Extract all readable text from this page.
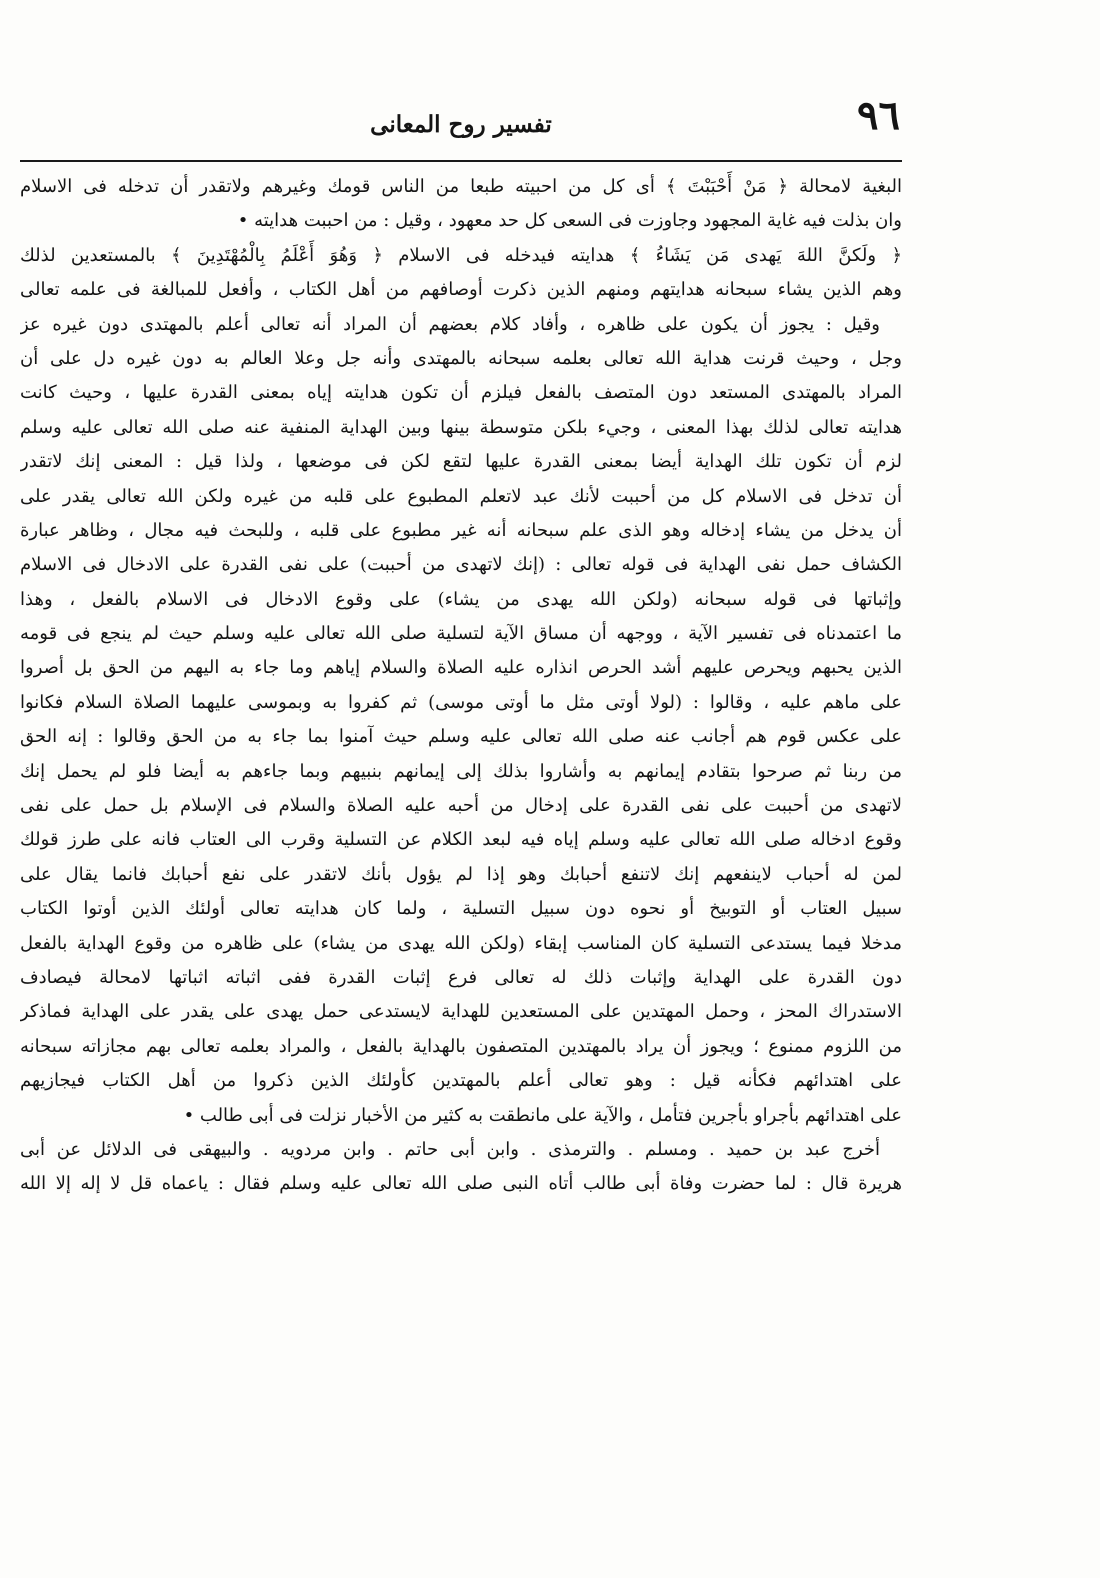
٩٦
تفسير روح المعانى
البغية لامحالة ﴿ مَنْ أَحْبَبْتَ ﴾ أى كل من احبيته طبعا من الناس قومك وغيرهم ولاتقدر أن تدخله فى الاسلام
وان بذلت فيه غاية المجهود وجاوزت فى السعى كل حد معهود ، وقيل : من احببت هدايته •
﴿ ولَكنَّ اللهَ يَهدى مَن يَشَاءُ ﴾ هدايته فيدخله فى الاسلام ﴿ وَهُوَ أَعْلَمُ بِالْمُهْتَدِينَ ﴾ بالمستعدين لذلك
وهم الذين يشاء سبحانه هدايتهم ومنهم الذين ذكرت أوصافهم من أهل الكتاب ، وأفعل للمبالغة فى علمه تعالى
وقيل : يجوز أن يكون على ظاهره ، وأفاد كلام بعضهم أن المراد أنه تعالى أعلم بالمهتدى دون غيره عز
وجل ، وحيث قرنت هداية الله تعالى بعلمه سبحانه بالمهتدى وأنه جل وعلا العالم به دون غيره دل على أن
المراد بالمهتدى المستعد دون المتصف بالفعل فيلزم أن تكون هدايته إياه بمعنى القدرة عليها ، وحيث كانت
هدايته تعالى لذلك بهذا المعنى ، وجيء بلكن متوسطة بينها وبين الهداية المنفية عنه صلى الله تعالى عليه وسلم
لزم أن تكون تلك الهداية أيضا بمعنى القدرة عليها لتقع لكن فى موضعها ، ولذا قيل : المعنى إنك لاتقدر
أن تدخل فى الاسلام كل من أحببت لأنك عبد لاتعلم المطبوع على قلبه من غيره ولكن الله تعالى يقدر على
أن يدخل من يشاء إدخاله وهو الذى علم سبحانه أنه غير مطبوع على قلبه ، وللبحث فيه مجال ، وظاهر عبارة
الكشاف حمل نفى الهداية فى قوله تعالى : (إنك لاتهدى من أحببت) على نفى القدرة على الادخال فى الاسلام
وإثباتها فى قوله سبحانه (ولكن الله يهدى من يشاء) على وقوع الادخال فى الاسلام بالفعل ، وهذا
ما اعتمدناه فى تفسير الآية ، ووجهه أن مساق الآية لتسلية صلى الله تعالى عليه وسلم حيث لم ينجع فى قومه
الذين يحبهم ويحرص عليهم أشد الحرص انذاره عليه الصلاة والسلام إياهم وما جاء به اليهم من الحق بل أصروا
على ماهم عليه ، وقالوا : (لولا أوتى مثل ما أوتى موسى) ثم كفروا به وبموسى عليهما الصلاة السلام فكانوا
على عكس قوم هم أجانب عنه صلى الله تعالى عليه وسلم حيث آمنوا بما جاء به من الحق وقالوا : إنه الحق
من ربنا ثم صرحوا بتقادم إيمانهم به وأشاروا بذلك إلى إيمانهم بنبيهم وبما جاءهم به أيضا فلو لم يحمل إنك
لاتهدى من أحببت على نفى القدرة على إدخال من أحبه عليه الصلاة والسلام فى الإسلام بل حمل على نفى
وقوع ادخاله صلى الله تعالى عليه وسلم إياه فيه لبعد الكلام عن التسلية وقرب الى العتاب فانه على طرز قولك
لمن له أحباب لاينفعهم إنك لاتنفع أحبابك وهو إذا لم يؤول بأنك لاتقدر على نفع أحبابك فانما يقال على
سبيل العتاب أو التوبيخ أو نحوه دون سبيل التسلية ، ولما كان هدايته تعالى أولئك الذين أوتوا الكتاب
مدخلا فيما يستدعى التسلية كان المناسب إبقاء (ولكن الله يهدى من يشاء) على ظاهره من وقوع الهداية بالفعل
دون القدرة على الهداية وإثبات ذلك له تعالى فرع إثبات القدرة ففى اثباته اثباتها لامحالة فيصادف
الاستدراك المحز ، وحمل المهتدين على المستعدين للهداية لايستدعى حمل يهدى على يقدر على الهداية فماذكر
من اللزوم ممنوع ؛ ويجوز أن يراد بالمهتدين المتصفون بالهداية بالفعل ، والمراد بعلمه تعالى بهم مجازاته سبحانه
على اهتدائهم فكأنه قيل : وهو تعالى أعلم بالمهتدين كأولئك الذين ذكروا من أهل الكتاب فيجازيهم
على اهتدائهم بأجراو بأجرين فتأمل ، والآية على مانطقت به كثير من الأخبار نزلت فى أبى طالب •
أخرج عبد بن حميد . ومسلم . والترمذى . وابن أبى حاتم . وابن مردويه . والبيهقى فى الدلائل عن أبى
هريرة قال : لما حضرت وفاة أبى طالب أتاه النبى صلى الله تعالى عليه وسلم فقال : ياعماه قل لا إله إلا الله
